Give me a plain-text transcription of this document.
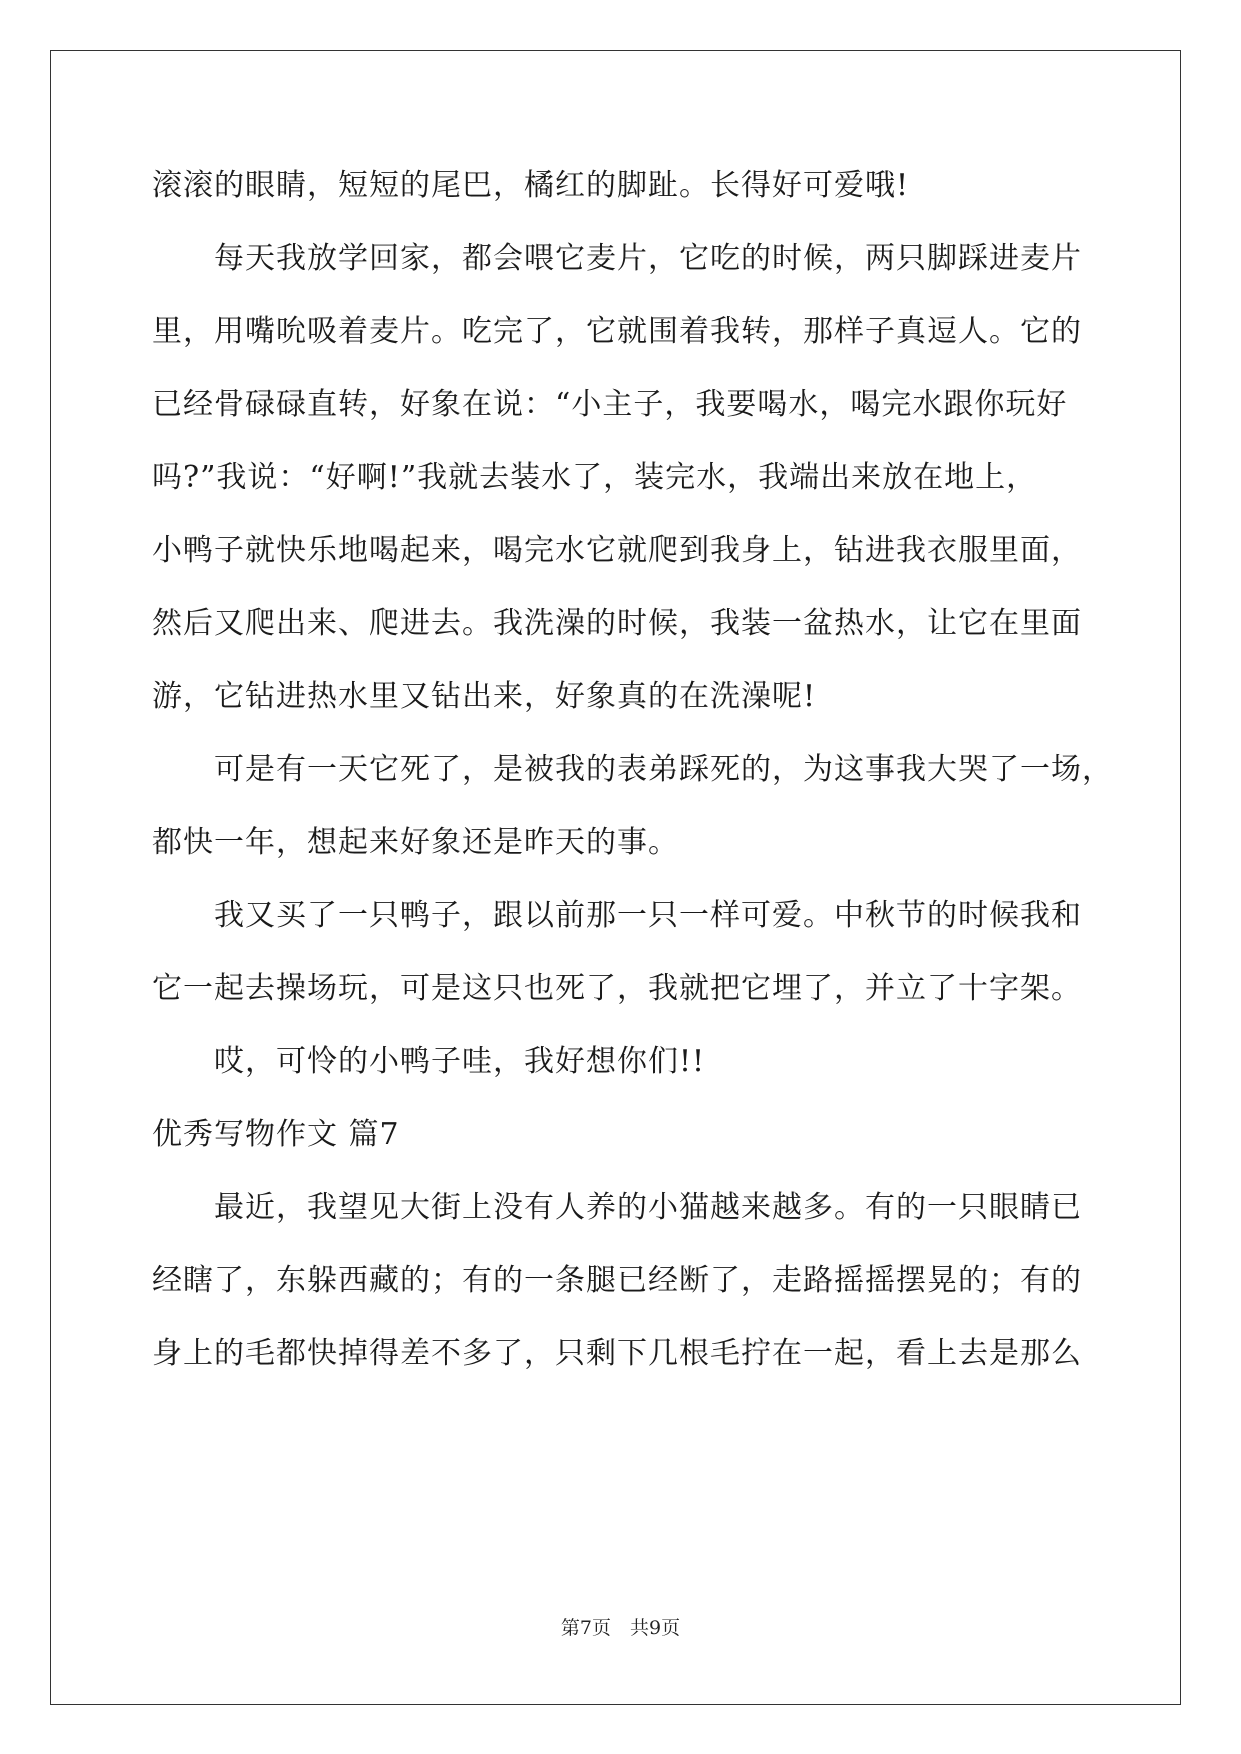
滚滚的眼睛，短短的尾巴，橘红的脚趾。长得好可爱哦!
　　每天我放学回家，都会喂它麦片，它吃的时候，两只脚踩进麦片
里，用嘴吮吸着麦片。吃完了，它就围着我转，那样子真逗人。它的
已经骨碌碌直转，好象在说：“小主子，我要喝水，喝完水跟你玩好
吗?”我说：“好啊!”我就去装水了，装完水，我端出来放在地上，
小鸭子就快乐地喝起来，喝完水它就爬到我身上，钻进我衣服里面，
然后又爬出来、爬进去。我洗澡的时候，我装一盆热水，让它在里面
游，它钻进热水里又钻出来，好象真的在洗澡呢!
　　可是有一天它死了，是被我的表弟踩死的，为这事我大哭了一场，
都快一年，想起来好象还是昨天的事。
　　我又买了一只鸭子，跟以前那一只一样可爱。中秋节的时候我和
它一起去操场玩，可是这只也死了，我就把它埋了，并立了十字架。
　　哎，可怜的小鸭子哇，我好想你们!!
优秀写物作文 篇7
　　最近，我望见大街上没有人养的小猫越来越多。有的一只眼睛已
经瞎了，东躲西藏的；有的一条腿已经断了，走路摇摇摆晃的；有的
身上的毛都快掉得差不多了，只剩下几根毛拧在一起，看上去是那么
第7页　共9页
